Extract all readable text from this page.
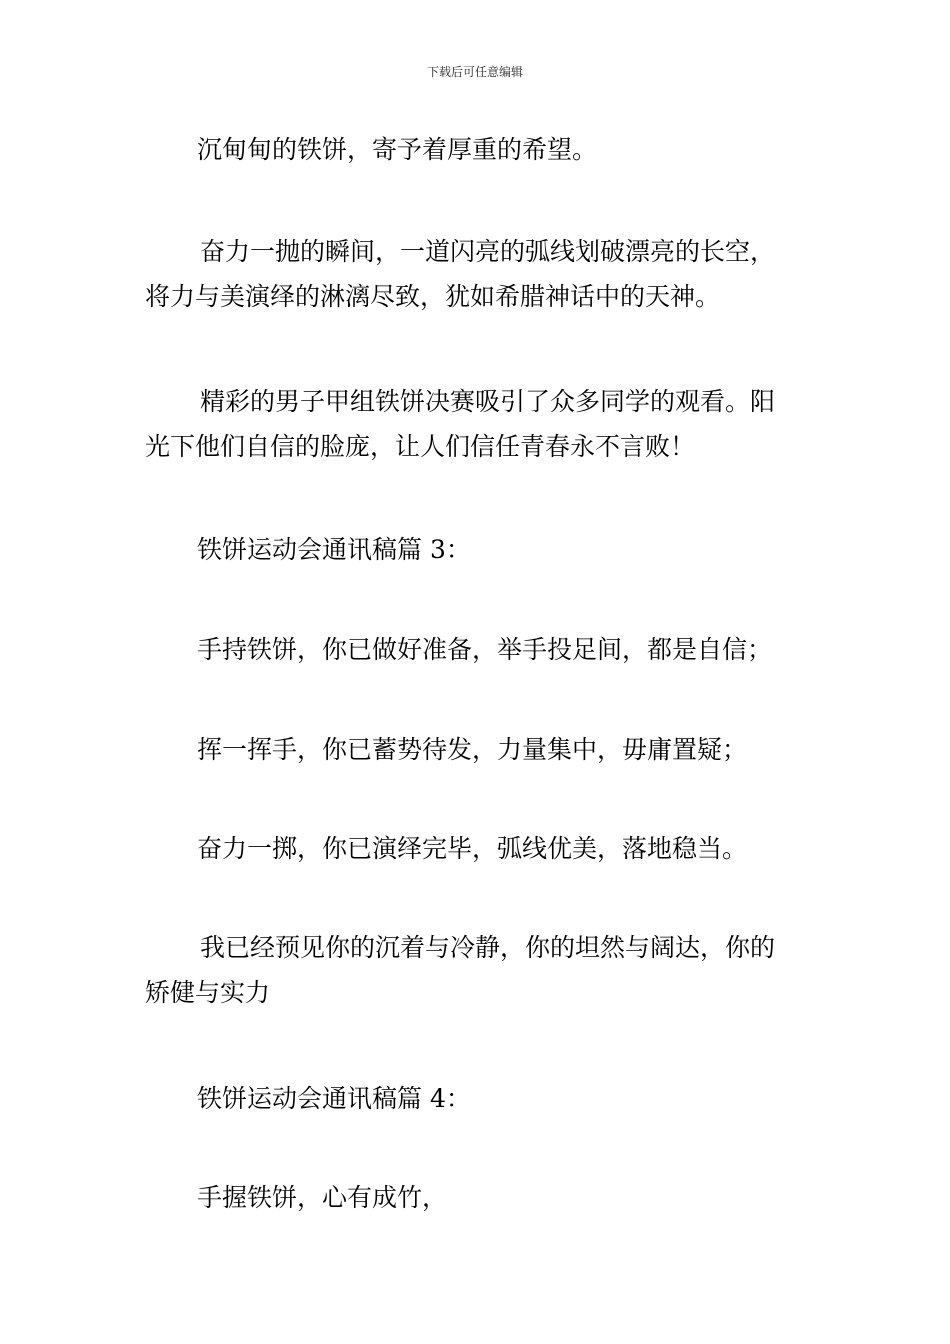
下载后可任意编辑
沉甸甸的铁饼，寄予着厚重的希望。
奋力一抛的瞬间，一道闪亮的弧线划破漂亮的长空，
将力与美演绎的淋漓尽致，犹如希腊神话中的天神。
精彩的男子甲组铁饼决赛吸引了众多同学的观看。阳
光下他们自信的脸庞，让人们信任青春永不言败！
铁饼运动会通讯稿篇 3：
手持铁饼，你已做好准备，举手投足间，都是自信；
挥一挥手，你已蓄势待发，力量集中，毋庸置疑；
奋力一掷，你已演绎完毕，弧线优美，落地稳当。
我已经预见你的沉着与冷静，你的坦然与阔达，你的
矫健与实力
铁饼运动会通讯稿篇 4：
手握铁饼，心有成竹，
